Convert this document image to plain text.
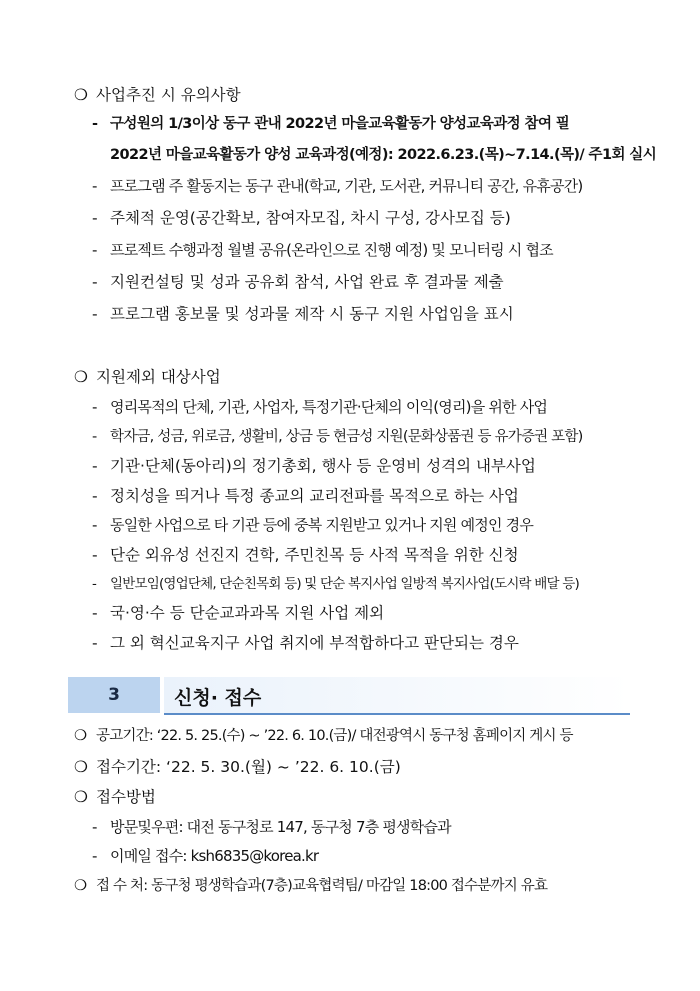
❍ 사업추진 시 유의사항
- 구성원의 1/3이상 동구 관내 2022년 마을교육활동가 양성교육과정 참여 필
2022년 마을교육활동가 양성 교육과정(예정): 2022.6.23.(목)~7.14.(목)/ 주1회 실시
- 프로그램 주 활동지는 동구 관내(학교, 기관, 도서관, 커뮤니티 공간, 유휴공간)
- 주체적 운영(공간확보, 참여자모집, 차시 구성, 강사모집 등)
- 프로젝트 수행과정 월별 공유(온라인으로 진행 예정) 및 모니터링 시 협조
- 지원컨설팅 및 성과 공유회 참석, 사업 완료 후 결과물 제출
- 프로그램 홍보물 및 성과물 제작 시 동구 지원 사업임을 표시
❍ 지원제외 대상사업
- 영리목적의 단체, 기관, 사업자, 특정기관·단체의 이익(영리)을 위한 사업
- 학자금, 성금, 위로금, 생활비, 상금 등 현금성 지원(문화상품권 등 유가증권 포함)
- 기관·단체(동아리)의 정기총회, 행사 등 운영비 성격의 내부사업
- 정치성을 띄거나 특정 종교의 교리전파를 목적으로 하는 사업
- 동일한 사업으로 타 기관 등에 중복 지원받고 있거나 지원 예정인 경우
- 단순 외유성 선진지 견학, 주민친목 등 사적 목적을 위한 신청
- 일반모임(영업단체, 단순친목회 등) 및 단순 복지사업 일방적 복지사업(도시락 배달 등)
- 국·영·수 등 단순교과과목 지원 사업 제외
- 그 외 혁신교육지구 사업 취지에 부적합하다고 판단되는 경우
3	신청· 접수
❍ 공고기간: ‘22. 5. 25.(수) ~ ’22. 6. 10.(금)/ 대전광역시 동구청 홈페이지 게시 등
❍ 접수기간: ‘22. 5. 30.(월) ~ ’22. 6. 10.(금)
❍ 접수방법
- 방문및우편: 대전 동구청로 147, 동구청 7층 평생학습과
- 이메일 접수: ksh6835@korea.kr
❍ 접 수 처: 동구청 평생학습과(7층)교육협력팀/ 마감일 18:00 접수분까지 유효
